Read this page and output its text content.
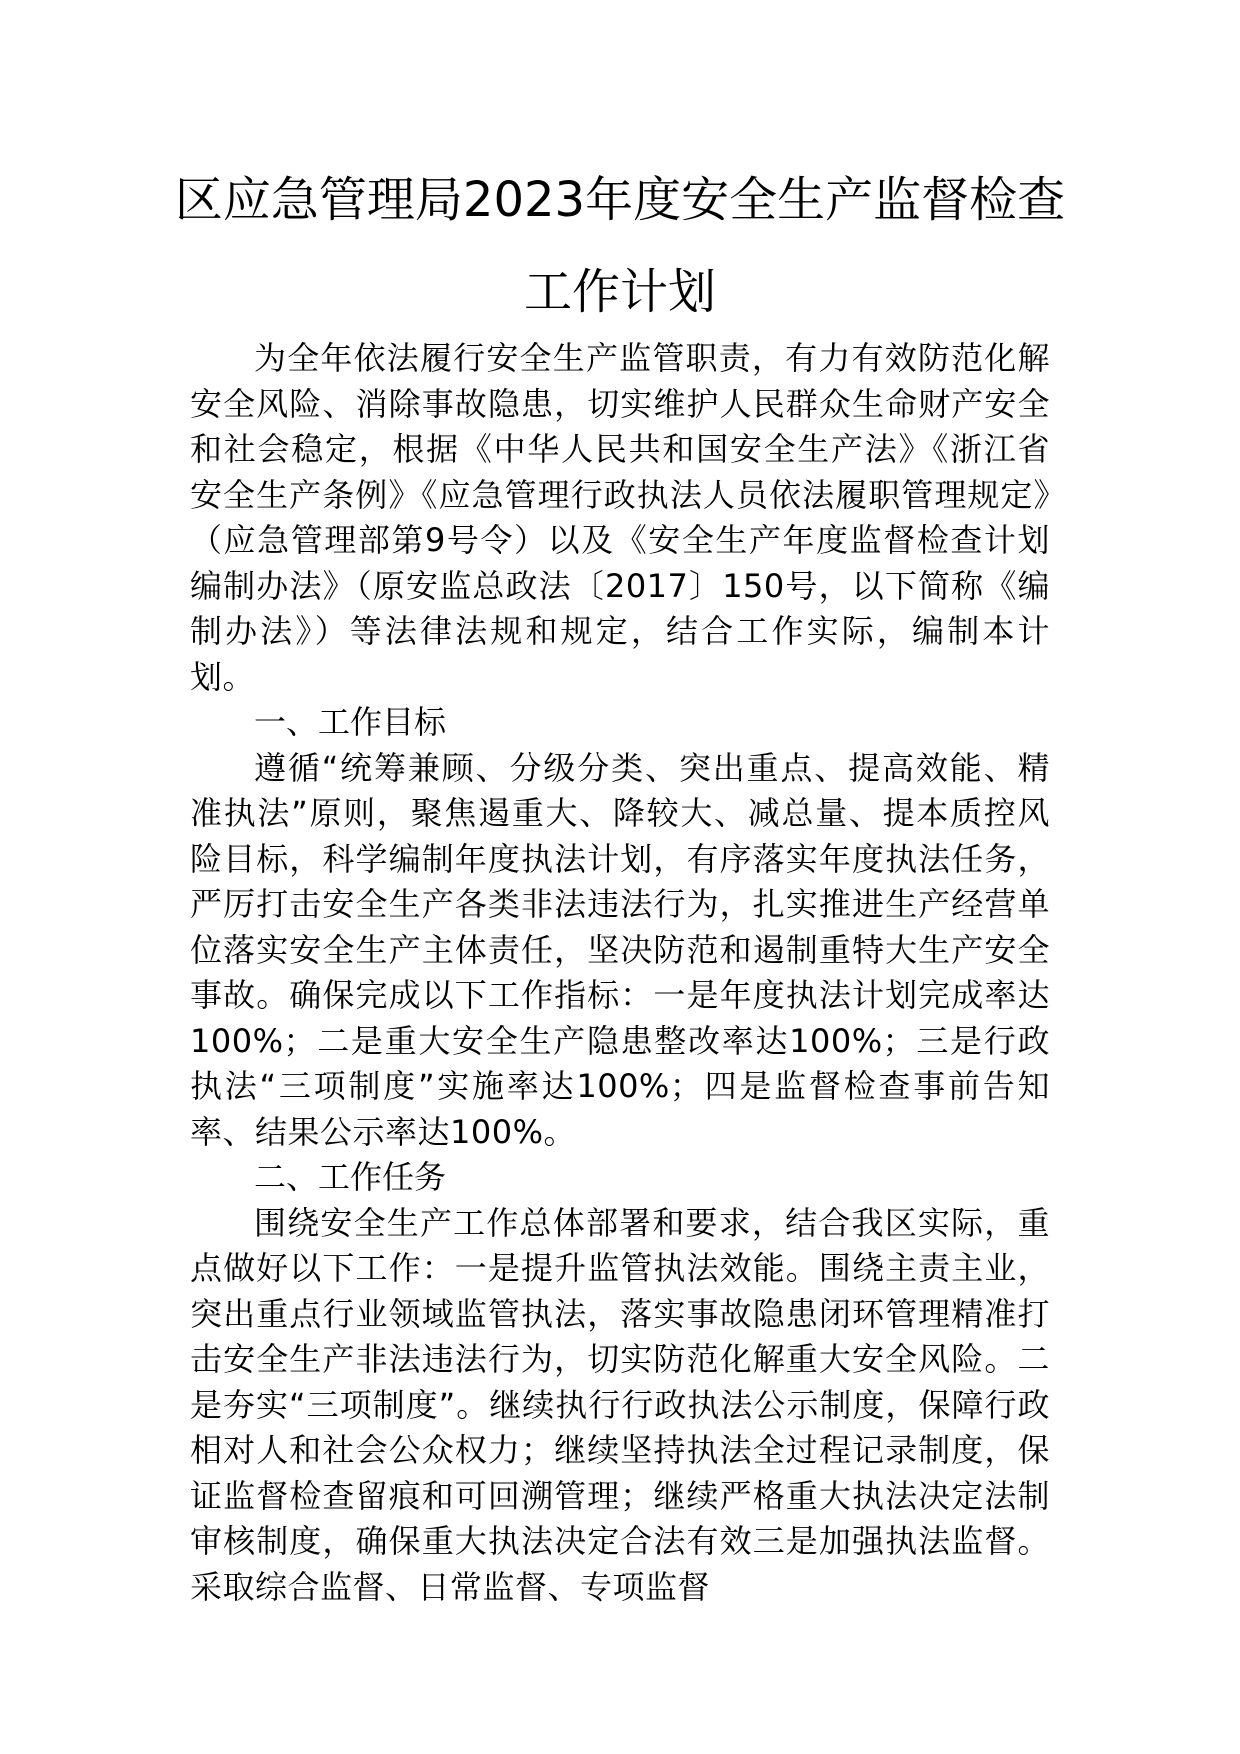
区应急管理局2023年度安全生产监督检查
工作计划

为全年依法履行安全生产监管职责，有力有效防范化解安全风险、消除事故隐患，切实维护人民群众生命财产安全和社会稳定，根据《中华人民共和国安全生产法》《浙江省安全生产条例》《应急管理行政执法人员依法履职管理规定》（应急管理部第9号令）以及《安全生产年度监督检查计划编制办法》（原安监总政法〔2017〕150号，以下简称《编制办法》）等法律法规和规定，结合工作实际，编制本计划。

一、工作目标

遵循“统筹兼顾、分级分类、突出重点、提高效能、精准执法”原则，聚焦遏重大、降较大、减总量、提本质控风险目标，科学编制年度执法计划，有序落实年度执法任务，严厉打击安全生产各类非法违法行为，扎实推进生产经营单位落实安全生产主体责任，坚决防范和遏制重特大生产安全事故。确保完成以下工作指标：一是年度执法计划完成率达100%；二是重大安全生产隐患整改率达100%；三是行政执法“三项制度”实施率达100%；四是监督检查事前告知率、结果公示率达100%。

二、工作任务

围绕安全生产工作总体部署和要求，结合我区实际，重点做好以下工作：一是提升监管执法效能。围绕主责主业，突出重点行业领域监管执法，落实事故隐患闭环管理精准打击安全生产非法违法行为，切实防范化解重大安全风险。二是夯实“三项制度”。继续执行行政执法公示制度，保障行政相对人和社会公众权力；继续坚持执法全过程记录制度，保证监督检查留痕和可回溯管理；继续严格重大执法决定法制审核制度，确保重大执法决定合法有效三是加强执法监督。采取综合监督、日常监督、专项监督
